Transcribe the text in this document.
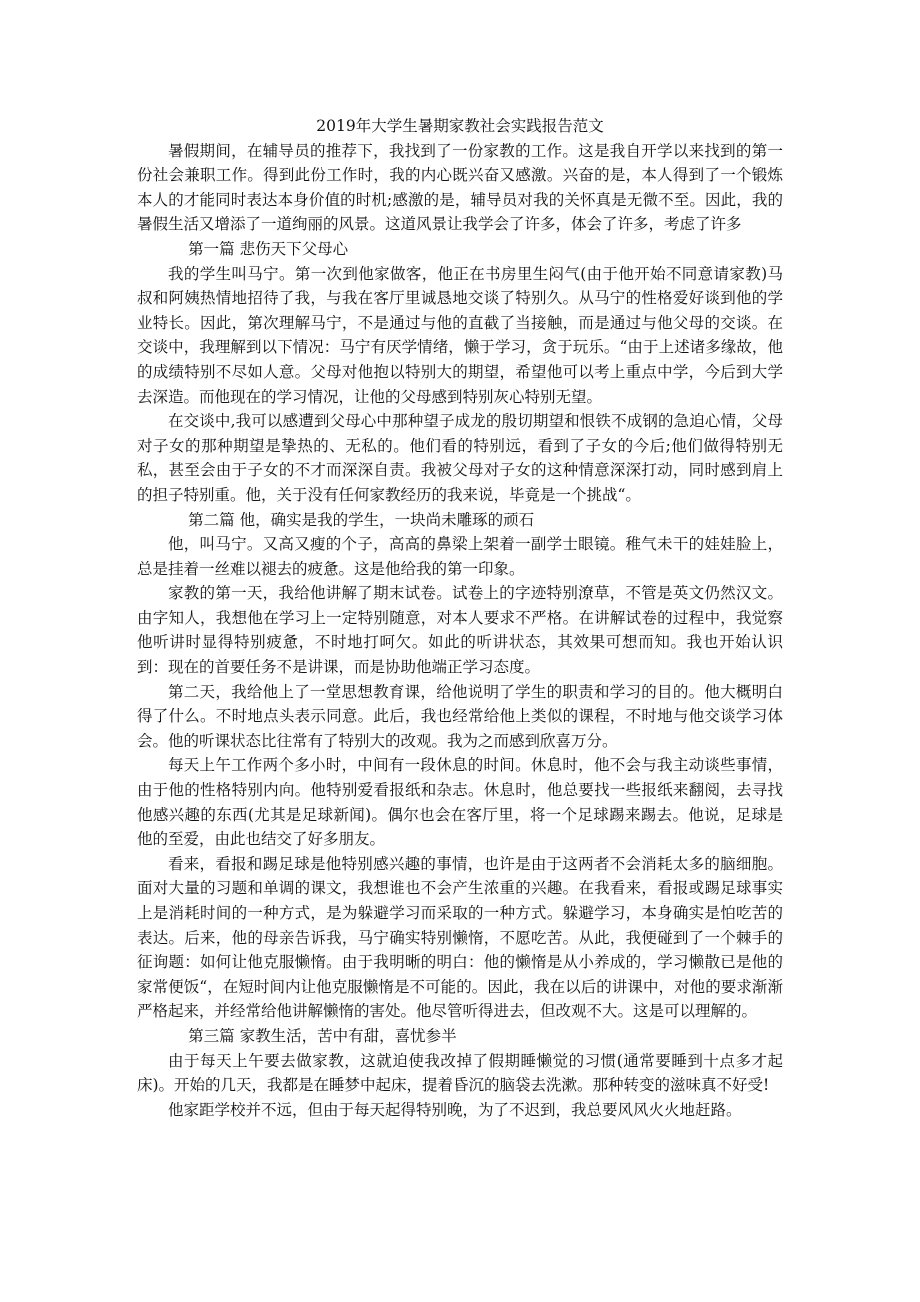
2019年大学生暑期家教社会实践报告范文

暑假期间，在辅导员的推荐下，我找到了一份家教的工作。这是我自开学以来找到的第一份社会兼职工作。得到此份工作时，我的内心既兴奋又感激。兴奋的是，本人得到了一个锻炼本人的才能同时表达本身价值的时机;感激的是，辅导员对我的关怀真是无微不至。因此，我的暑假生活又增添了一道绚丽的风景。这道风景让我学会了许多，体会了许多，考虑了许多

第一篇 悲伤天下父母心

我的学生叫马宁。第一次到他家做客，他正在书房里生闷气(由于他开始不同意请家教)马叔和阿姨热情地招待了我，与我在客厅里诚恳地交谈了特别久。从马宁的性格爱好谈到他的学业特长。因此，第次理解马宁，不是通过与他的直截了当接触，而是通过与他父母的交谈。在交谈中，我理解到以下情况：马宁有厌学情绪，懒于学习，贪于玩乐。“由于上述诸多缘故，他的成绩特别不尽如人意。父母对他抱以特别大的期望，希望他可以考上重点中学，今后到大学去深造。而他现在的学习情况，让他的父母感到特别灰心特别无望。

在交谈中,我可以感遭到父母心中那种望子成龙的殷切期望和恨铁不成钢的急迫心情，父母对子女的那种期望是挚热的、无私的。他们看的特别远，看到了子女的今后;他们做得特别无私，甚至会由于子女的不才而深深自责。我被父母对子女的这种情意深深打动，同时感到肩上的担子特别重。他，关于没有任何家教经历的我来说，毕竟是一个挑战“。

第二篇 他，确实是我的学生，一块尚未雕琢的顽石

他，叫马宁。又高又瘦的个子，高高的鼻梁上架着一副学士眼镜。稚气未干的娃娃脸上，总是挂着一丝难以褪去的疲惫。这是他给我的第一印象。

家教的第一天，我给他讲解了期末试卷。试卷上的字迹特别潦草，不管是英文仍然汉文。由字知人，我想他在学习上一定特别随意，对本人要求不严格。在讲解试卷的过程中，我觉察他听讲时显得特别疲惫，不时地打呵欠。如此的听讲状态，其效果可想而知。我也开始认识到：现在的首要任务不是讲课，而是协助他端正学习态度。

第二天，我给他上了一堂思想教育课，给他说明了学生的职责和学习的目的。他大概明白得了什么。不时地点头表示同意。此后，我也经常给他上类似的课程，不时地与他交谈学习体会。他的听课状态比往常有了特别大的改观。我为之而感到欣喜万分。

每天上午工作两个多小时，中间有一段休息的时间。休息时，他不会与我主动谈些事情，由于他的性格特别内向。他特别爱看报纸和杂志。休息时，他总要找一些报纸来翻阅，去寻找他感兴趣的东西(尤其是足球新闻)。偶尔也会在客厅里，将一个足球踢来踢去。他说，足球是他的至爱，由此也结交了好多朋友。

看来，看报和踢足球是他特别感兴趣的事情，也许是由于这两者不会消耗太多的脑细胞。面对大量的习题和单调的课文，我想谁也不会产生浓重的兴趣。在我看来，看报或踢足球事实上是消耗时间的一种方式，是为躲避学习而采取的一种方式。躲避学习，本身确实是怕吃苦的表达。后来，他的母亲告诉我，马宁确实特别懒惰，不愿吃苦。从此，我便碰到了一个棘手的征询题：如何让他克服懒惰。由于我明晰的明白：他的懒惰是从小养成的，学习懒散已是他的家常便饭“，在短时间内让他克服懒惰是不可能的。因此，我在以后的讲课中，对他的要求渐渐严格起来，并经常给他讲解懒惰的害处。他尽管听得进去，但改观不大。这是可以理解的。

第三篇 家教生活，苦中有甜，喜忧参半

由于每天上午要去做家教，这就迫使我改掉了假期睡懒觉的习惯(通常要睡到十点多才起床)。开始的几天，我都是在睡梦中起床，提着昏沉的脑袋去洗漱。那种转变的滋味真不好受!

他家距学校并不远，但由于每天起得特别晚，为了不迟到，我总要风风火火地赶路。
